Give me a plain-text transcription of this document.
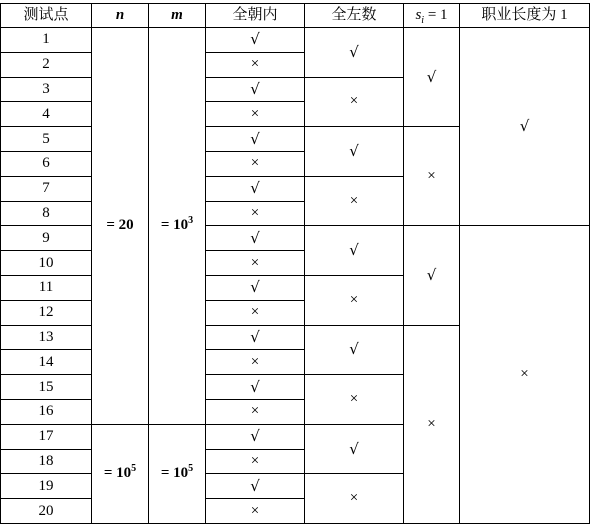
测试点	n	m	全朝内	全左数	$s_i = 1$	职业长度为 1
1	= 20	= $10^3$	√	√	√	√
2			×			
3			√	×		
4			×			
5			√	√	×	
6			×			
7			√	×		
8			×			
9			√	√	√	×
10			×			
11			√	×		
12			×			
13			√	√	×	
14			×			
15			√	×		
16			×			
17	= $10^5$	= $10^5$	√	√		
18			×			
19			√	×		
20			×			
